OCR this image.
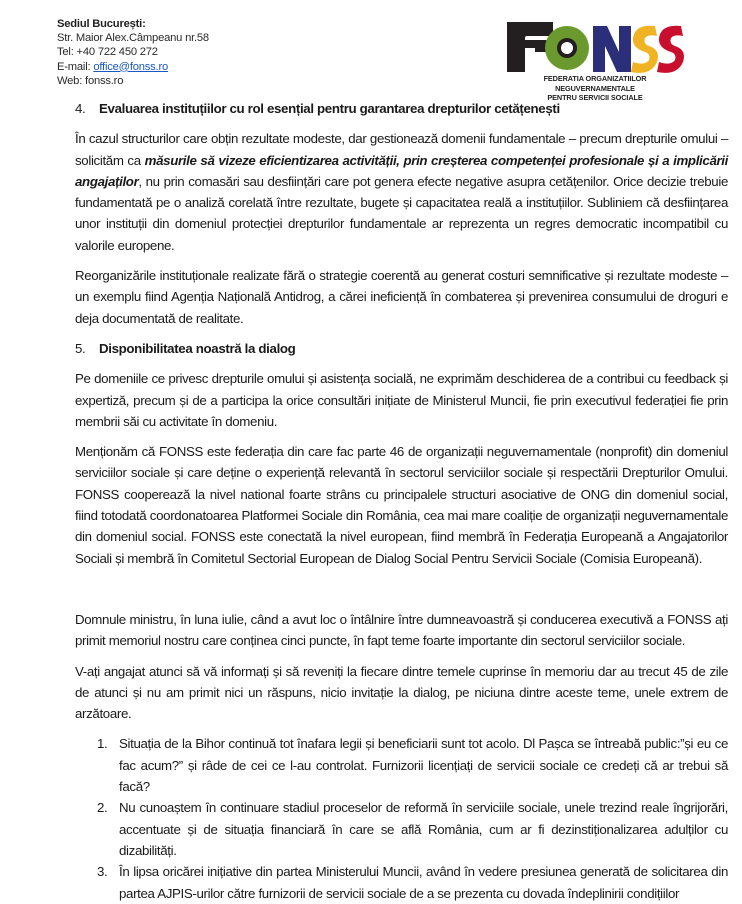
Sediul București:
Str. Maior Alex.Câmpeanu nr.58
Tel: +40 722 450 272
E-mail: office@fonss.ro
Web: fonss.ro	FEDERATIA ORGANIZATIILOR NEGUVERNAMENTALE
PENTRU SERVICII SOCIALE

4. Evaluarea instituțiilor cu rol esențial pentru garantarea drepturilor cetățenești

În cazul structurilor care obțin rezultate modeste, dar gestionează domenii fundamentale – precum drepturile omului – solicităm ca măsurile să vizeze eficientizarea activității, prin creșterea competenței profesionale și a implicării angajaților, nu prin comasări sau desființări care pot genera efecte negative asupra cetățenilor. Orice decizie trebuie fundamentată pe o analiză corelată între rezultate, bugete și capacitatea reală a instituțiilor. Subliniem că desființarea unor instituții din domeniul protecției drepturilor fundamentale ar reprezenta un regres democratic incompatibil cu valorile europene.

Reorganizările instituționale realizate fără o strategie coerentă au generat costuri semnificative și rezultate modeste – un exemplu fiind Agenția Națională Antidrog, a cărei ineficiență în combaterea și prevenirea consumului de droguri e deja documentată de realitate.

5. Disponibilitatea noastră la dialog

Pe domeniile ce privesc drepturile omului și asistența socială, ne exprimăm deschiderea de a contribui cu feedback și expertiză, precum și de a participa la orice consultări inițiate de Ministerul Muncii, fie prin executivul federației fie prin membrii săi cu activitate în domeniu.

Menționăm că FONSS este federația din care fac parte 46 de organizații neguvernamentale (nonprofit) din domeniul serviciilor sociale și care deține o experiență relevantă în sectorul serviciilor sociale și respectării Drepturilor Omului. FONSS cooperează la nivel national foarte strâns cu principalele structuri asociative de ONG din domeniul social, fiind totodată coordonatoarea Platformei Sociale din România, cea mai mare coaliție de organizații neguvernamentale din domeniul social. FONSS este conectată la nivel european, fiind membră în Federația Europeană a Angajatorilor Sociali și membră în Comitetul Sectorial European de Dialog Social Pentru Servicii Sociale (Comisia Europeană).

Domnule ministru, în luna iulie, când a avut loc o întâlnire între dumneavoastră și conducerea executivă a FONSS ați primit memoriul nostru care conținea cinci puncte, în fapt teme foarte importante din sectorul serviciilor sociale.

V-ați angajat atunci să vă informați și să reveniți la fiecare dintre temele cuprinse în memoriu dar au trecut 45 de zile de atunci și nu am primit nici un răspuns, nicio invitație la dialog, pe niciuna dintre aceste teme, unele extrem de arzătoare.

1. Situația de la Bihor continuă tot înafara legii și beneficiarii sunt tot acolo. Dl Pașca se întreabă public:”și eu ce fac acum?” și râde de cei ce l-au controlat. Furnizorii licențiați de servicii sociale ce credeți că ar trebui să facă?
2. Nu cunoaștem în continuare stadiul proceselor de reformă în serviciile sociale, unele trezind reale îngrijorări, accentuate și de situația financiară în care se află România, cum ar fi dezinstiționalizarea adulților cu dizabilități.
3. În lipsa oricărei inițiative din partea Ministerului Muncii, având în vedere presiunea generată de solicitarea din partea AJPIS-urilor către furnizorii de servicii sociale de a se prezenta cu dovada îndeplinirii condițiilor
